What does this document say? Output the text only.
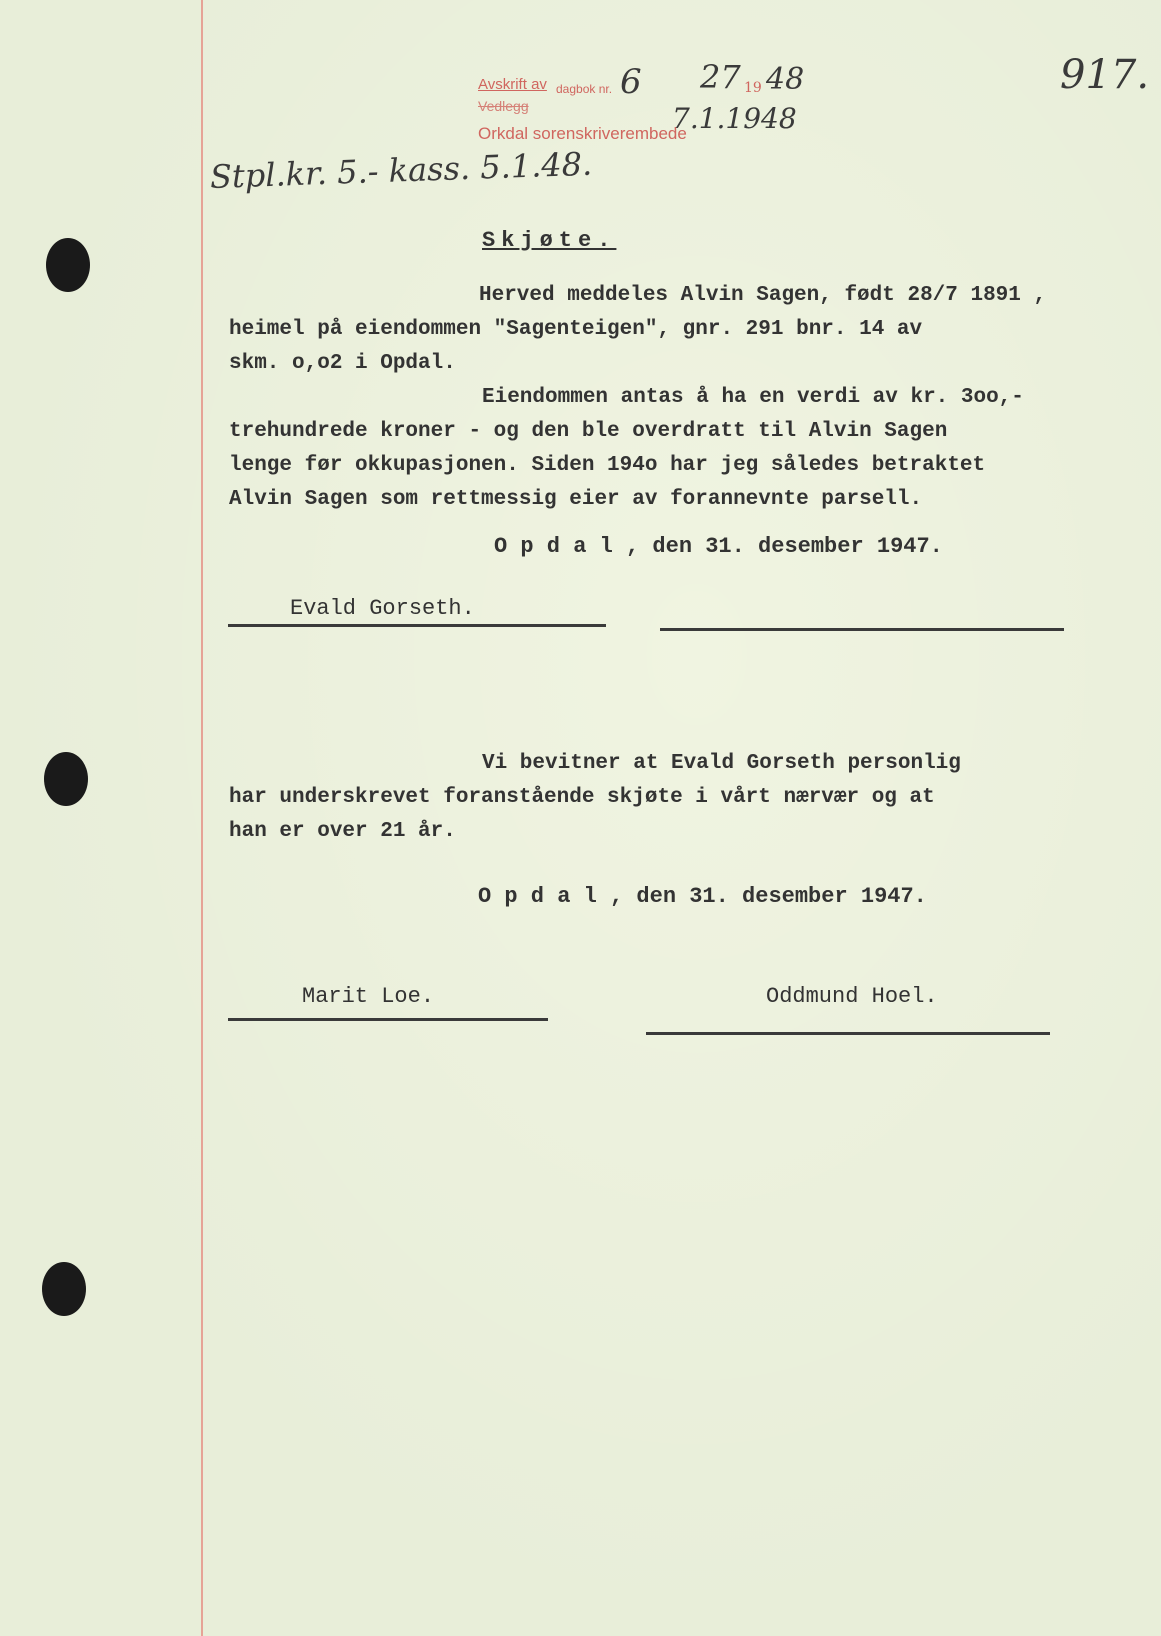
Avskrift av dagbok nr.
Vedlegg
Orkdal sorenskriverembede
6 27 19 48
7.1.1948
917.
Stpl.kr. 5.- kass. 5.1.48.
Skjøte.
Herved meddeles Alvin Sagen, født 28/7 1891 ,
heimel på eiendommen "Sagenteigen", gnr. 291 bnr. 14 av
skm. o,o2 i Opdal.
Eiendommen antas å ha en verdi av kr. 3oo,-
trehundrede kroner - og den ble overdratt til Alvin Sagen
lenge før okkupasjonen. Siden 194o har jeg således betraktet
Alvin Sagen som rettmessig eier av forannevnte parsell.
O p d a l , den 31. desember 1947.
Evald Gorseth.
Vi bevitner at Evald Gorseth personlig
har underskrevet foranstående skjøte i vårt nærvær og at
han er over 21 år.
O p d a l , den 31. desember 1947.
Marit Loe.	Oddmund Hoel.
